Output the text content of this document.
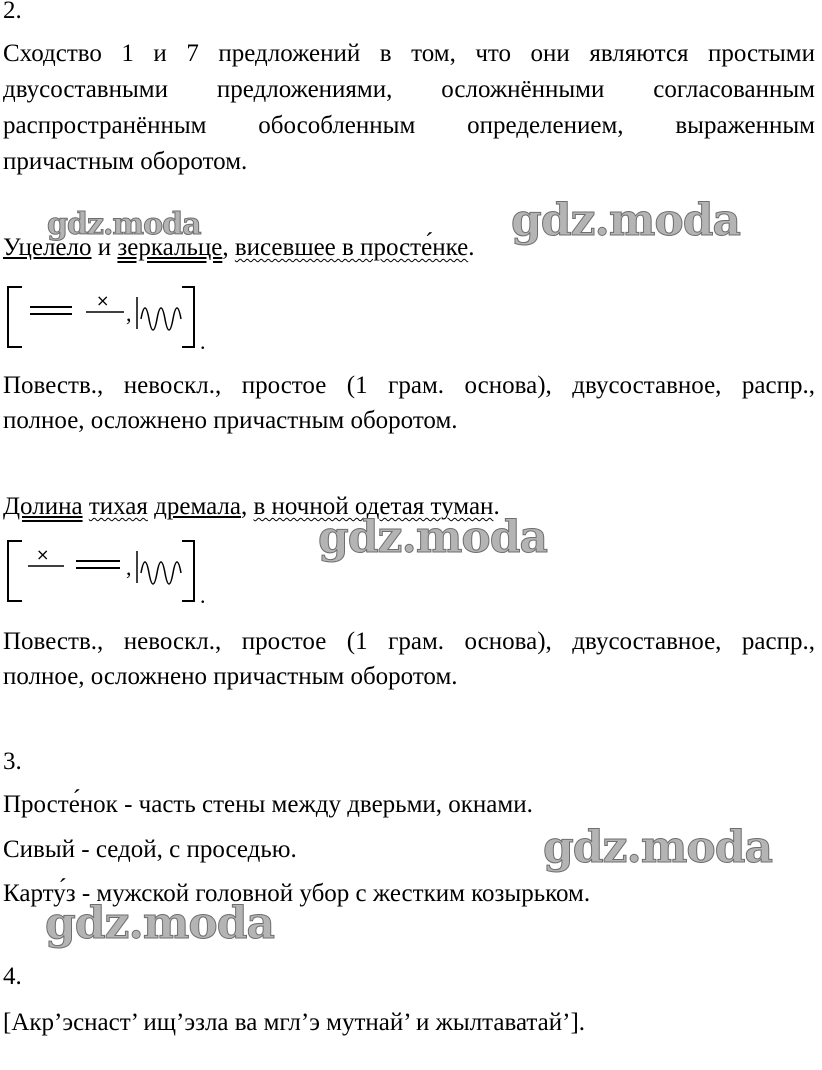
2.
Сходство 1 и 7 предложений в том, что они являются простыми
двусоставными предложениями, осложнёнными согласованным
распространённым обособленным определением, выраженным
причастным оборотом.
Уцелело и зеркальце, висевшее в просте́нке.
×
,
.
Повеств., невоскл., простое (1 грам. основа), двусоставное, распр.,
полное, осложнено причастным оборотом.
Долина тихая дремала, в ночной одетая туман.
×
,
.
Повеств., невоскл., простое (1 грам. основа), двусоставное, распр.,
полное, осложнено причастным оборотом.
3.
Просте́нок - часть стены между дверьми, окнами.
Сивый - седой, с проседью.
Карту́з - мужской головной убор с жестким козырьком.
4.
[Акр’эснаст’ ищ’эзла ва мгл’э мутнай’ и жылтаватай’].
gdz.moda	gdz.moda
gdz.moda
gdz.moda
gdz.moda
